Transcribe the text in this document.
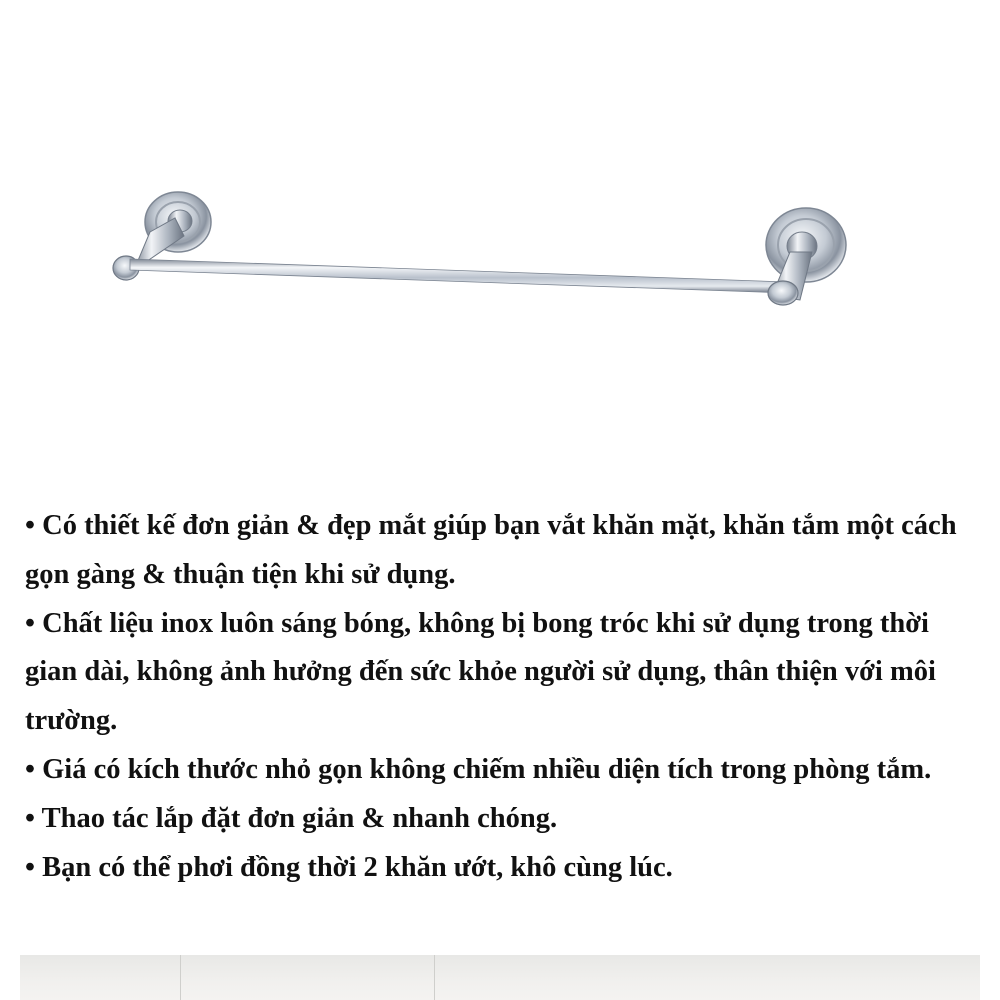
• Có thiết kế đơn giản & đẹp mắt giúp bạn vắt khăn mặt, khăn tắm một cách gọn gàng & thuận tiện khi sử dụng.
• Chất liệu inox luôn sáng bóng, không bị bong tróc khi sử dụng trong thời gian dài, không ảnh hưởng đến sức khỏe người sử dụng, thân thiện với môi trường.
• Giá có kích thước nhỏ gọn không chiếm nhiều diện tích trong phòng tắm.
• Thao tác lắp đặt đơn giản & nhanh chóng.
• Bạn có thể phơi đồng thời 2 khăn ướt, khô cùng lúc.
